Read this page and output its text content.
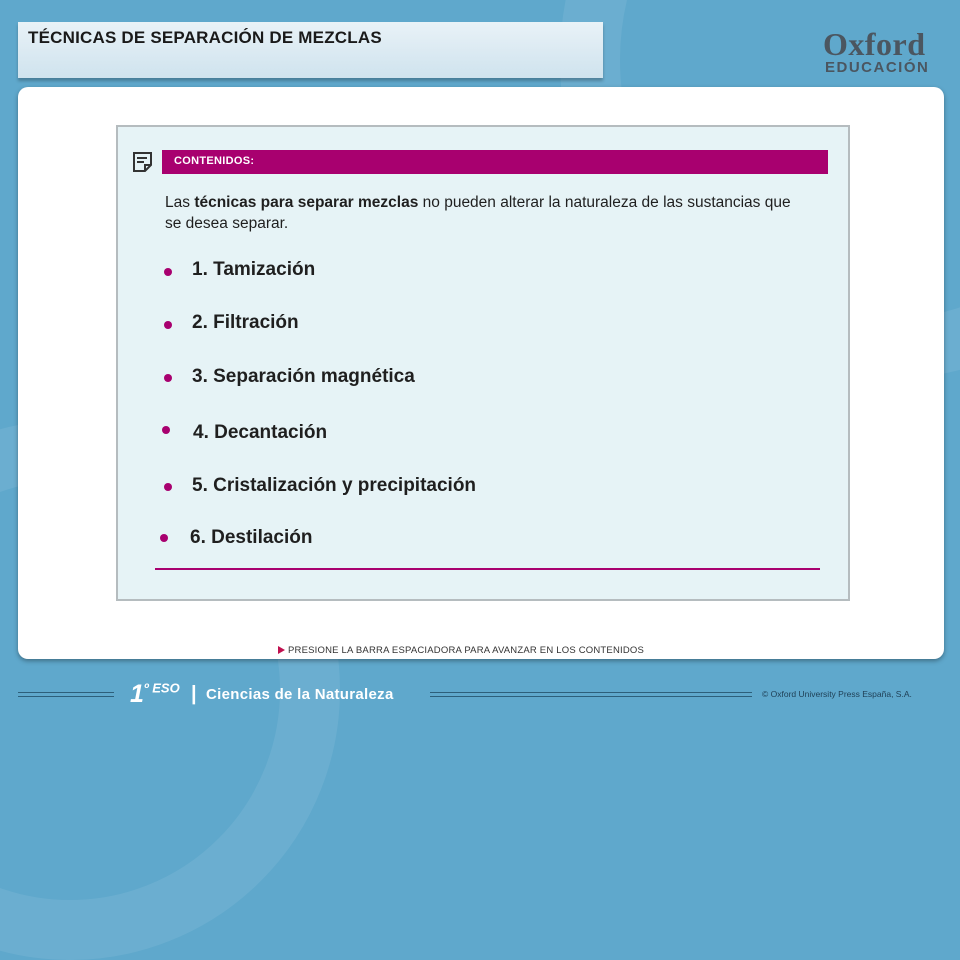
TÉCNICAS DE SEPARACIÓN DE MEZCLAS	Oxford
EDUCACIÓN
CONTENIDOS:
Las técnicas para separar mezclas no pueden alterar la naturaleza de las sustancias que se desea separar.
1. Tamización
2. Filtración
3. Separación magnética
4. Decantación
5. Cristalización y precipitación
6. Destilación
PRESIONE LA BARRA ESPACIADORA PARA AVANZAR EN LOS CONTENIDOS
$1^{º ESO}$ | Ciencias de la Naturaleza	© Oxford University Press España, S.A.
